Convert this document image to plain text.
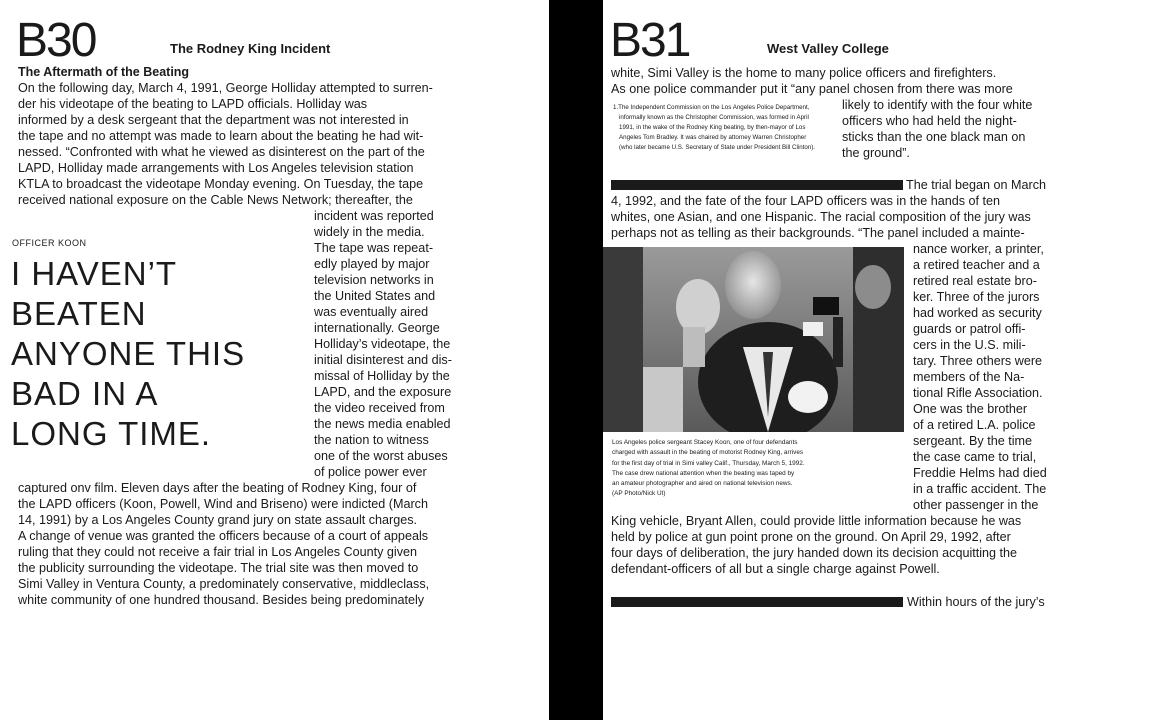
B30	The Rodney King Incident
The Aftermath of the Beating
On the following day, March 4, 1991, George Holliday attempted to surren-
der his videotape of the beating to LAPD officials. Holliday was
informed by a desk sergeant that the department was not interested in
the tape and no attempt was made to learn about the beating he had wit-
nessed. “Confronted with what he viewed as disinterest on the part of the
LAPD, Holliday made arrangements with Los Angeles television station
KTLA to broadcast the videotape Monday evening. On Tuesday, the tape
received national exposure on the Cable News Network; thereafter, the
incident was reported
widely in the media.
The tape was repeat-
edly played by major
television networks in
the United States and
was eventually aired
internationally. George
Holliday’s videotape, the
initial disinterest and dis-
missal of Holliday by the
LAPD, and the exposure
the video received from
the news media enabled
the nation to witness
one of the worst abuses
of police power ever
OFFICER KOON
I HAVEN’T
BEATEN
ANYONE THIS
BAD IN A
LONG TIME.
captured onv film. Eleven days after the beating of Rodney King, four of
the LAPD officers (Koon, Powell, Wind and Briseno) were indicted (March
14, 1991) by a Los Angeles County grand jury on state assault charges.
A change of venue was granted the officers because of a court of appeals
ruling that they could not receive a fair trial in Los Angeles County given
the publicity surrounding the videotape. The trial site was then moved to
Simi Valley in Ventura County, a predominately conservative, middleclass,
white community of one hundred thousand. Besides being predominately
B31	West Valley College
white, Simi Valley is the home to many police officers and firefighters.
As one police commander put it “any panel chosen from there was more
1.The Independent Commission on the Los Angeles Police Department,
informally known as the Christopher Commission, was formed in April
1991, in the wake of the Rodney King beating, by then-mayor of Los
Angeles Tom Bradley. It was chaired by attorney Warren Christopher
(who later became U.S. Secretary of State under President Bill Clinton).
likely to identify with the four white
officers who had held the night-
sticks than the one black man on
the ground”.
The trial began on March
4, 1992, and the fate of the four LAPD officers was in the hands of ten
whites, one Asian, and one Hispanic. The racial composition of the jury was
perhaps not as telling as their backgrounds. “The panel included a mainte-
Los Angeles police sergeant Stacey Koon, one of four defendants
charged with assault in the beating of motorist Rodney King, arrives
for the first day of trial in Simi valley Calif., Thursday, March 5, 1992.
The case drew national attention when the beating was taped by
an amateur photographer and aired on national television news.
(AP Photo/Nick Ut)
nance worker, a printer,
a retired teacher and a
retired real estate bro-
ker. Three of the jurors
had worked as security
guards or patrol offi-
cers in the U.S. mili-
tary. Three others were
members of the Na-
tional Rifle Association.
One was the brother
of a retired L.A. police
sergeant. By the time
the case came to trial,
Freddie Helms had died
in a traffic accident. The
other passenger in the
King vehicle, Bryant Allen, could provide little information because he was
held by police at gun point prone on the ground. On April 29, 1992, after
four days of deliberation, the jury handed down its decision acquitting the
defendant-officers of all but a single charge against Powell.
Within hours of the jury’s
